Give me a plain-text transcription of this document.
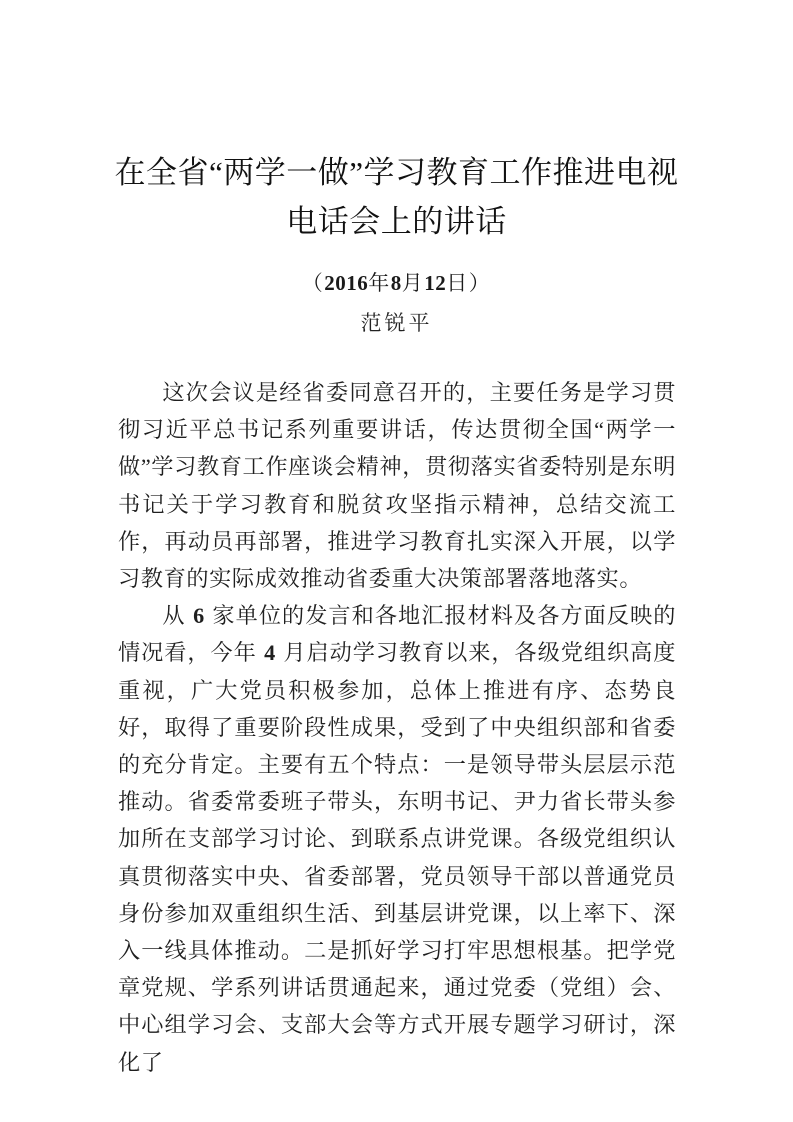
在全省“两学一做”学习教育工作推进电视
电话会上的讲话
（2016年8月12日）
范锐平

这次会议是经省委同意召开的，主要任务是学习贯彻习近平总书记系列重要讲话，传达贯彻全国“两学一做”学习教育工作座谈会精神，贯彻落实省委特别是东明书记关于学习教育和脱贫攻坚指示精神，总结交流工作，再动员再部署，推进学习教育扎实深入开展，以学习教育的实际成效推动省委重大决策部署落地落实。

从 6 家单位的发言和各地汇报材料及各方面反映的情况看，今年 4 月启动学习教育以来，各级党组织高度重视，广大党员积极参加，总体上推进有序、态势良好，取得了重要阶段性成果，受到了中央组织部和省委的充分肯定。主要有五个特点：一是领导带头层层示范推动。省委常委班子带头，东明书记、尹力省长带头参加所在支部学习讨论、到联系点讲党课。各级党组织认真贯彻落实中央、省委部署，党员领导干部以普通党员身份参加双重组织生活、到基层讲党课，以上率下、深入一线具体推动。二是抓好学习打牢思想根基。把学党章党规、学系列讲话贯通起来，通过党委（党组）会、中心组学习会、支部大会等方式开展专题学习研讨，深化了
